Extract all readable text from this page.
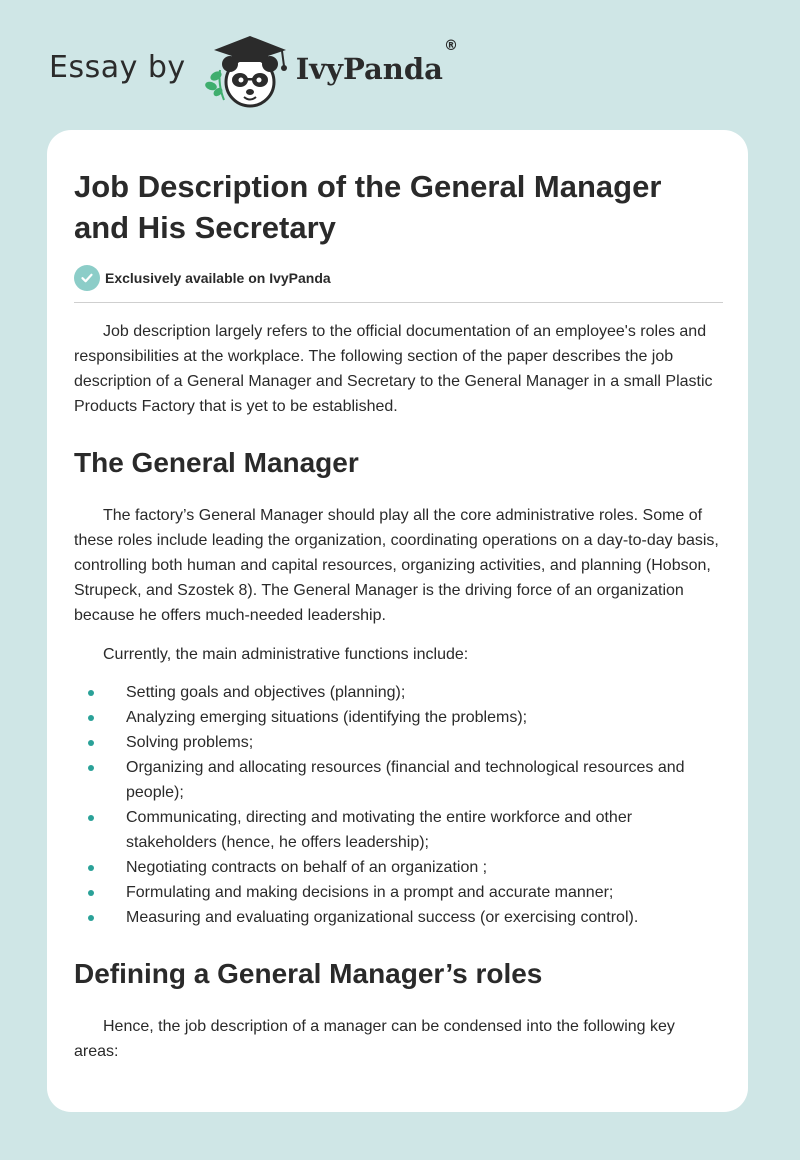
Essay by	IvyPanda®
Job Description of the General Manager and His Secretary
Exclusively available on IvyPanda

Job description largely refers to the official documentation of an employee's roles and responsibilities at the workplace. The following section of the paper describes the job description of a General Manager and Secretary to the General Manager in a small Plastic Products Factory that is yet to be established.

The General Manager

The factory’s General Manager should play all the core administrative roles. Some of these roles include leading the organization, coordinating operations on a day-to-day basis, controlling both human and capital resources, organizing activities, and planning (Hobson, Strupeck, and Szostek 8). The General Manager is the driving force of an organization because he offers much-needed leadership.

Currently, the main administrative functions include:

Setting goals and objectives (planning);
Analyzing emerging situations (identifying the problems);
Solving problems;
Organizing and allocating resources (financial and technological resources and people);
Communicating, directing and motivating the entire workforce and other stakeholders (hence, he offers leadership);
Negotiating contracts on behalf of an organization ;
Formulating and making decisions in a prompt and accurate manner;
Measuring and evaluating organizational success (or exercising control).
Defining a General Manager’s roles

Hence, the job description of a manager can be condensed into the following key areas:
